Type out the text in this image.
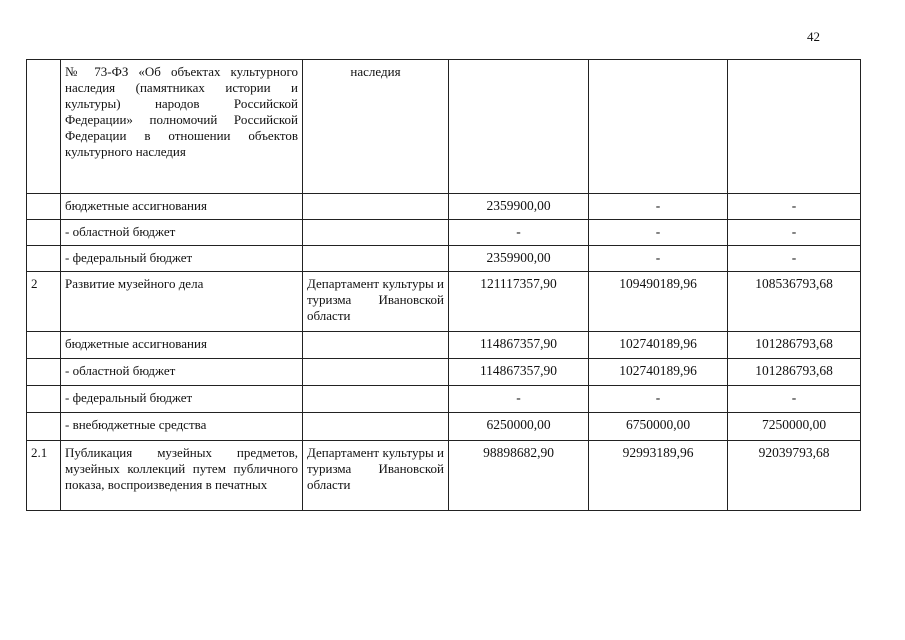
42
	№ 73-ФЗ «Об объектах культурного наследия (памятниках истории и культуры) народов Российской Федерации» полномочий Российской Федерации в отношении объектов культурного наследия	наследия			
	бюджетные ассигнования		2359900,00	-	-
	- областной бюджет		-	-	-
	- федеральный бюджет		2359900,00	-	-
2	Развитие музейного дела	Департамент культуры и туризма Ивановской области	121117357,90	109490189,96	108536793,68
	бюджетные ассигнования		114867357,90	102740189,96	101286793,68
	- областной бюджет		114867357,90	102740189,96	101286793,68
	- федеральный бюджет		-	-	-
	- внебюджетные средства		6250000,00	6750000,00	7250000,00
2.1	Публикация музейных предметов, музейных коллекций путем публичного показа, воспроизведения в печатных	Департамент культуры и туризма Ивановской области	98898682,90	92993189,96	92039793,68
